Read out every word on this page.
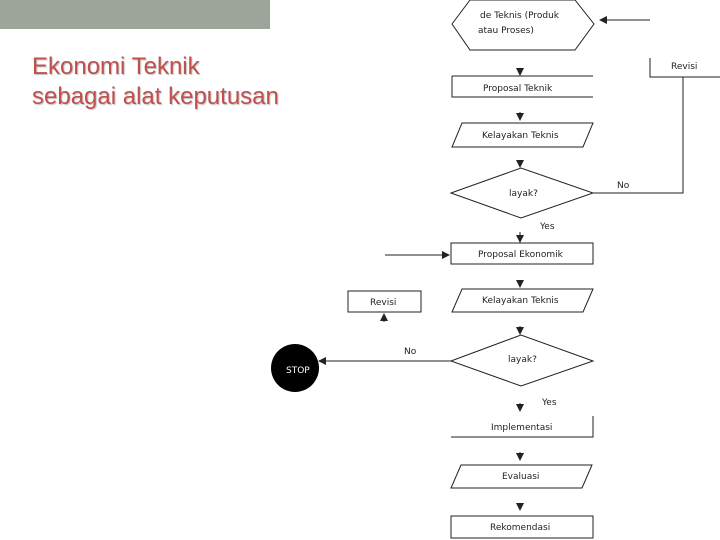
Ekonomi Teknik
sebagai alat keputusan
de Teknis (Produk
atau Proses)
Proposal Teknik
Kelayakan Teknis
layak?
No
Revisi
Yes
Proposal Ekonomik
Kelayakan Teknis
Revisi
layak?
No
STOP
Yes
Implementasi
Evaluasi
Rekomendasi
